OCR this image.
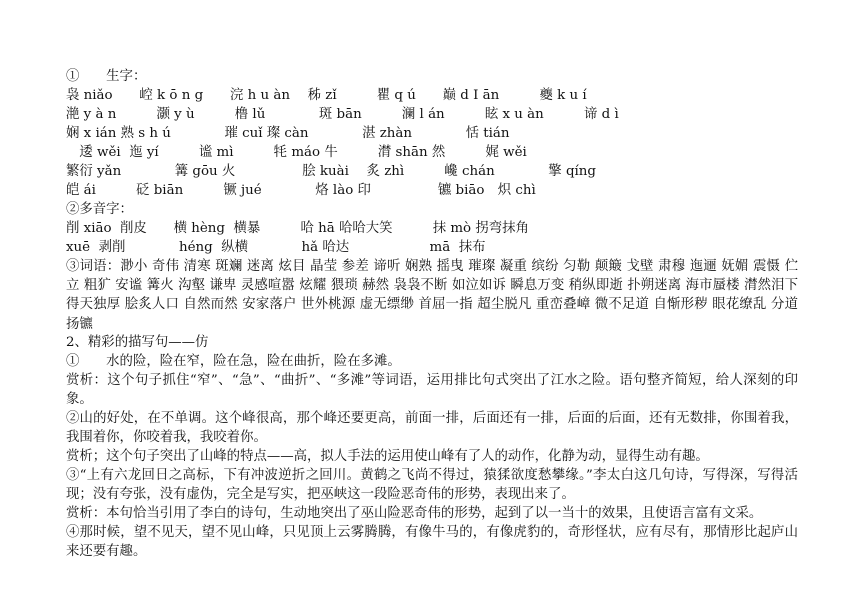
①　　生字：
袅 niǎo　　崆 k ō n g　　浣 h u àn　 秭 zǐ　　　瞿 q ú　　巅 d I ān　　　夔 k u í
滟 y à n　　　灏 y ù　　　橹 lǔ　　　　斑 bān　　　澜 l án　　　眩 x u àn　　　谛 d ì
娴 x ián 熟 s h ú　　　　璀 cuǐ 璨 càn　　　　湛 zhàn　　　　恬 tián
　逶 wěi  迤 yí　　　谧 mì　　　牦 máo 牛　　　潸 shān 然　　　娓 wěi
繁衍 yǎn　　　　篝 gōu 火　　　　　脍 kuài　 炙 zhì　　　巉 chán　　　　擎 qíng
皑 ái　　　砭 biān　　　镢 jué　　　　烙 lào 印　　　　　镳 biāo　炽 chì
②多音字：
削 xiāo  削皮　　横 hèng  横暴　　　哈 hā 哈哈大笑　　　抹 mò 拐弯抹角
xuē  剥削　　　　héng  纵横　　　　hǎ 哈达　　　　　　mā  抹布
③词语：渺小 奇伟 清寒 斑斓 迷离 炫目 晶莹 参差 谛听 娴熟 摇曳 璀璨 凝重 缤纷 匀勒 颠簸 戈壁 肃穆 迤逦 妩媚 震慑 伫立 粗犷 安谧 篝火 沟壑 谦卑 灵感喧嚣 炫耀 猥琐 赫然 袅袅不断 如泣如诉 瞬息万变 稍纵即逝 扑朔迷离 海市蜃楼 潸然泪下 得天独厚 脍炙人口 自然而然 安家落户 世外桃源 虚无缥缈 首屈一指 超尘脱凡 重峦叠嶂 微不足道 自惭形秽 眼花缭乱 分道扬镳
2、精彩的描写句——仿
①　　水的险，险在窄，险在急，险在曲折，险在多滩。
赏析：这个句子抓住“窄”、“急”、“曲折”、“多滩”等词语，运用排比句式突出了江水之险。语句整齐简短，给人深刻的印象。
②山的好处，在不单调。这个峰很高，那个峰还要更高，前面一排，后面还有一排，后面的后面，还有无数排，你围着我，我围着你，你咬着我，我咬着你。
赏析；这个句子突出了山峰的特点——高，拟人手法的运用使山峰有了人的动作，化静为动，显得生动有趣。
③“上有六龙回日之高标，下有冲波逆折之回川。黄鹤之飞尚不得过，猿猱欲度愁攀缘。”李太白这几句诗，写得深，写得活现；没有夸张，没有虚伪，完全是写实，把巫峡这一段险恶奇伟的形势，表现出来了。
赏析：本句恰当引用了李白的诗句，生动地突出了巫山险恶奇伟的形势，起到了以一当十的效果，且使语言富有文采。
④那时候，望不见天，望不见山峰，只见顶上云雾腾腾，有像牛马的，有像虎豹的，奇形怪状，应有尽有，那情形比起庐山来还要有趣。
